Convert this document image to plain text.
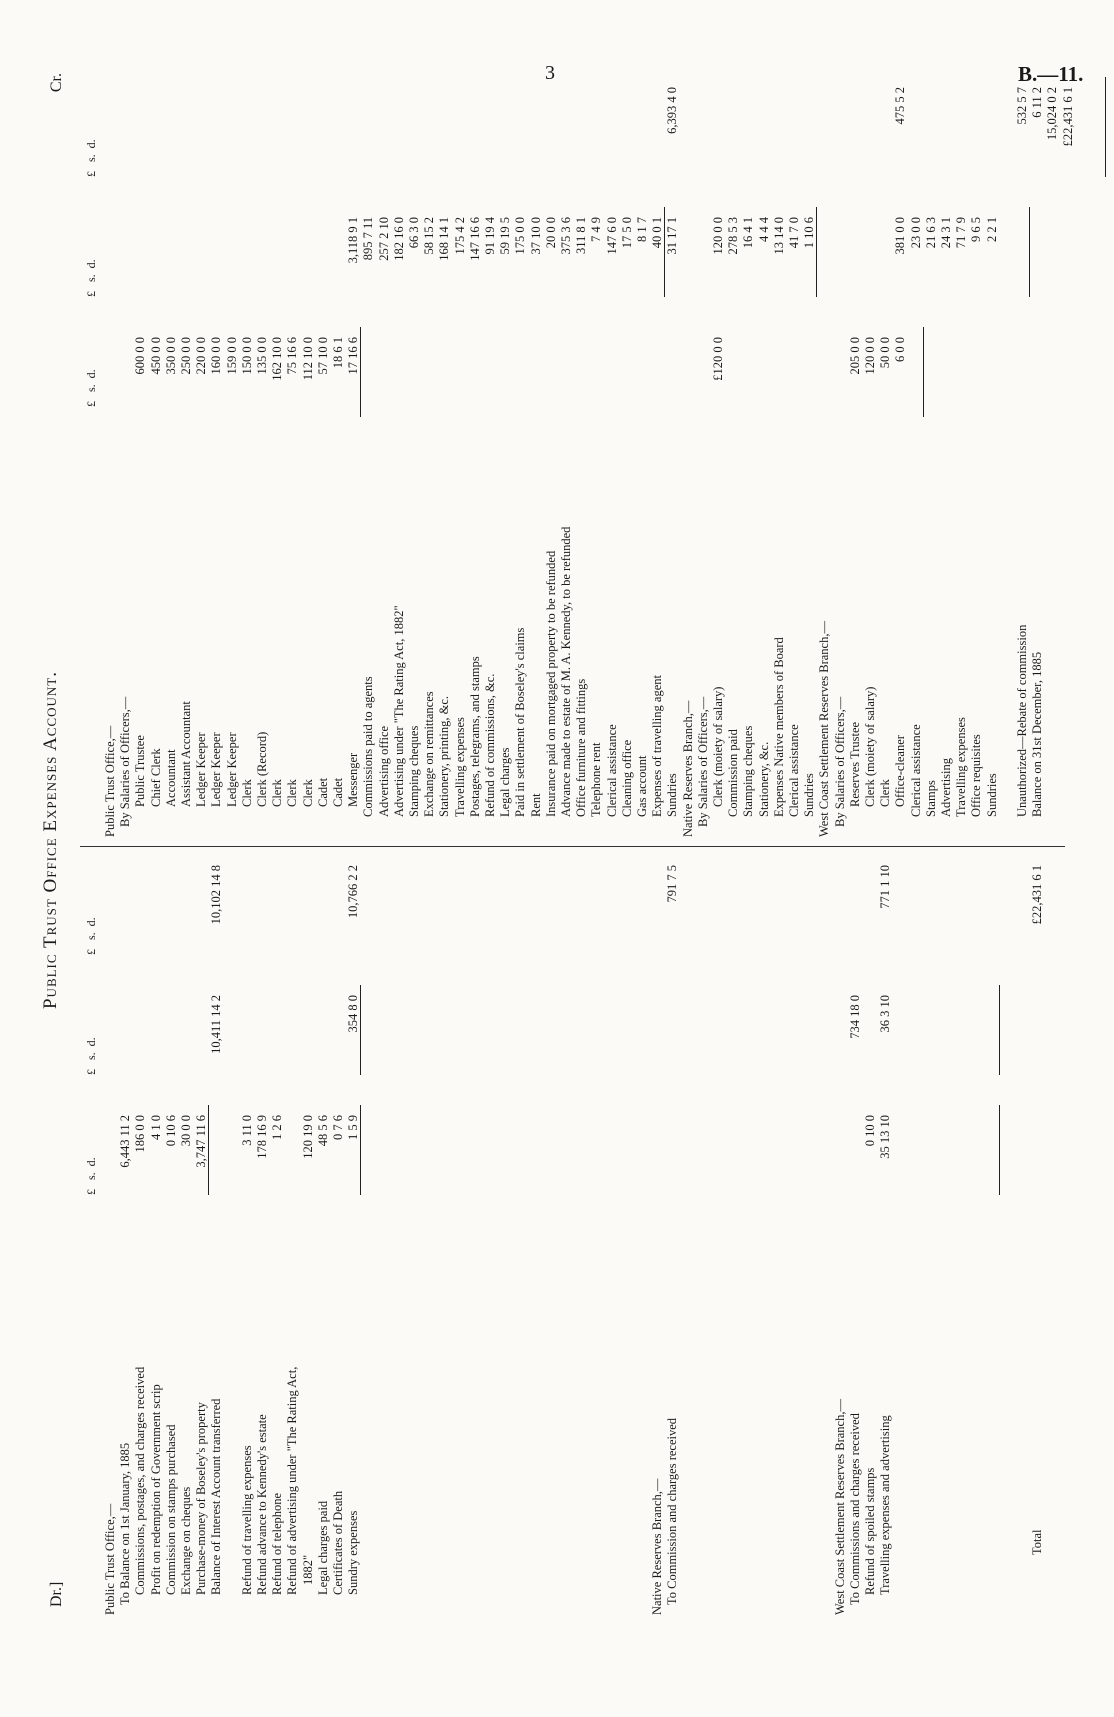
3	B.—11.
Public Trust Office Expenses Account.
Dr.]
Cr.
£   s.  d.
£   s.  d.
£   s.  d.
Public Trust Office,— To Balance on 1st January, 1885
6,443 11 2
Commissions, postages, and charges received
186 0 0
Profit on redemption of Government scrip
4 1 0
Commission on stamps purchased
0 10 6
Exchange on cheques
30 0 0
Purchase-money of Boseley's property
3,747 11 6
Balance of Interest Account transferred
10,411 14 2
10,102 14 8
Refund of travelling expenses
3 11 0
Refund advance to Kennedy's estate
178 16 9
Refund of telephone
1 2 6
Refund of advertising under "The Rating Act, 1882"
120 19 0
Legal charges paid
48 5 6
Certificates of Death
0 7 6
Sundry expenses
1 5 9
354 8 0
10,766 2 2
Native Reserves Branch,— To Commission and charges received
791 7 5
West Coast Settlement Reserves Branch,— To Commissions and charges received
734 18 0
Refund of spoiled stamps
0 10 0
Travelling expenses and advertising
35 13 10
36 3 10
771 1 10
Total
£22,431 6 1
£   s.  d.
£   s.  d.
£   s.  d.
Public Trust Office,— By Salaries of Officers,— Public Trustee
600 0 0
Chief Clerk
450 0 0
Accountant
350 0 0
Assistant Accountant
250 0 0
Ledger Keeper
220 0 0
Ledger Keeper
160 0 0
Ledger Keeper
159 0 0
Clerk
150 0 0
Clerk (Record)
135 0 0
Clerk
162 10 0
Clerk
75 16 6
Clerk
112 10 0
Cadet
57 10 0
Cadet
18 6 1
Messenger
17 16 6
3,118 9 1
Commissions paid to agents
895 7 11
Advertising office
257 2 10
Advertising under "The Rating Act, 1882"
182 16 0
Stamping cheques
66 3 0
Exchange on remittances
58 15 2
Stationery, printing, &c.
168 14 1
Travelling expenses
175 4 2
Postages, telegrams, and stamps
147 16 6
Refund of commissions, &c.
91 19 4
Legal charges
59 19 5
Paid in settlement of Boseley's claims
175 0 0
Rent
37 10 0
Insurance paid on mortgaged property to be refunded
20 0 0
Advance made to estate of M. A. Kennedy, to be refunded
375 3 6
Office furniture and fittings
311 8 1
Telephone rent
7 4 9
Clerical assistance
147 6 0
Cleaning office
17 5 0
Gas account
8 1 7
Expenses of travelling agent
40 0 1
Sundries
31 17 1
6,393 4 0
Native Reserves Branch,— By Salaries of Officers,— Clerk (moiety of salary)
£120 0 0
120 0 0
Commission paid
278 5 3
Stamping cheques
16 4 1
Stationery, &c.
4 4 4
Expenses Native members of Board
13 14 0
Clerical assistance
41 7 0
Sundries
1 10 6
West Coast Settlement Reserves Branch,— By Salaries of Officers,— Reserves Trustee
205 0 0
Clerk (moiety of salary)
120 0 0
Clerk
50 0 0
Office-cleaner
6 0 0
381 0 0
475 5 2
Clerical assistance
23 0 0
Stamps
21 6 3
Advertising
24 3 1
Travelling expenses
71 7 9
Office requisites
9 6 5
Sundries
2 2 1
Unauthorized—Rebate of commission
532 5 7
Balance on 31st December, 1885
6 11 2 15,024 0 2 £22,431 6 1
